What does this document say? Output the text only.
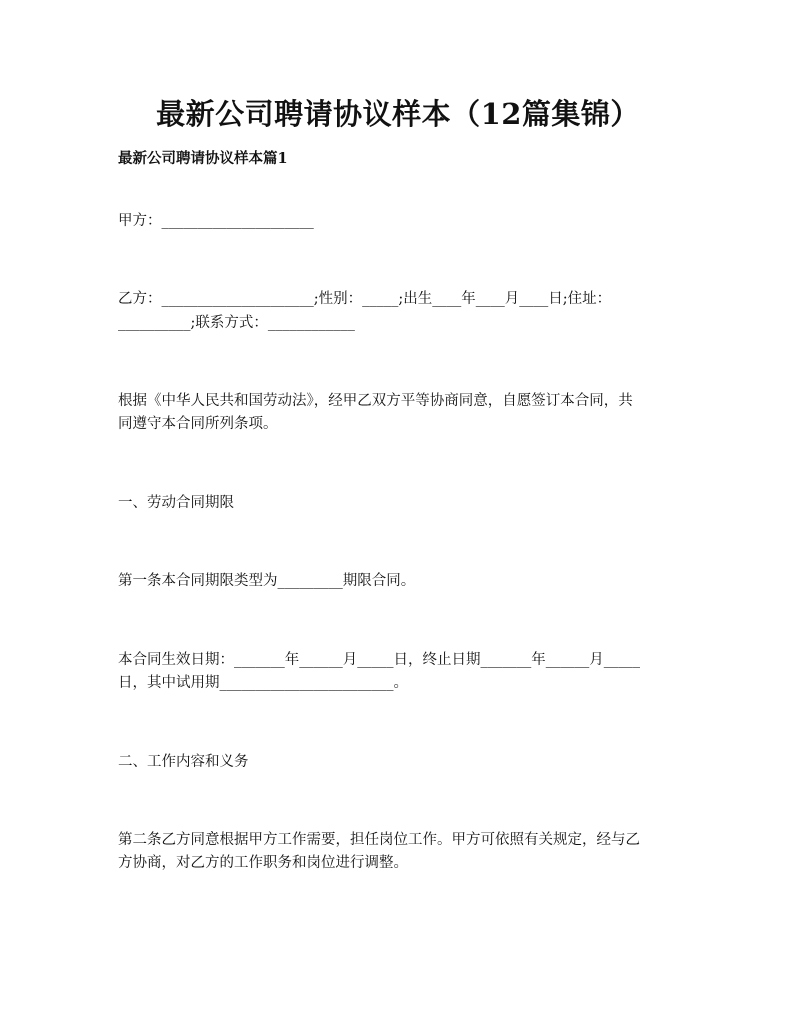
最新公司聘请协议样本（12篇集锦）
最新公司聘请协议样本篇1
甲方：_____________________
乙方：_____________________;性别：_____;出生____年____月____日;住址：
__________;联系方式：____________
根据《中华人民共和国劳动法》，经甲乙双方平等协商同意，自愿签订本合同，共
同遵守本合同所列条项。
一、劳动合同期限
第一条本合同期限类型为_________期限合同。
本合同生效日期：_______年______月_____日，终止日期_______年______月_____
日，其中试用期________________________。
二、工作内容和义务
第二条乙方同意根据甲方工作需要，担任岗位工作。甲方可依照有关规定，经与乙
方协商，对乙方的工作职务和岗位进行调整。
